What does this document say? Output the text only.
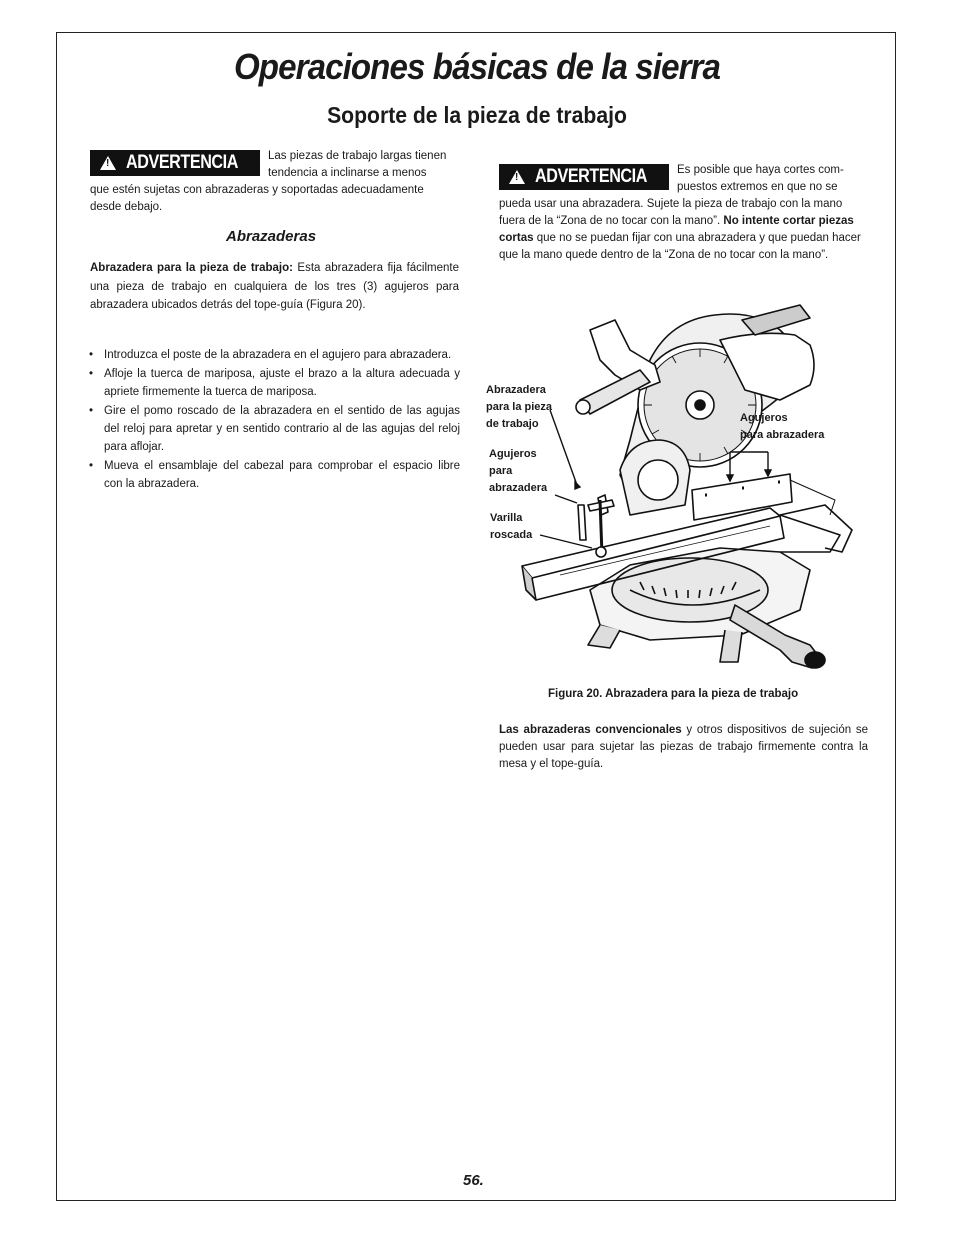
Operaciones básicas de la sierra
Soporte de la pieza de trabajo
!
ADVERTENCIA	Las piezas de trabajo largas tienen

tendencia a inclinarse a menos

que estén sujetas con abrazaderas y soportadas adecuadamente

desde debajo.

Abrazaderas

Abrazadera para la pieza de trabajo: Esta abrazadera fija fácilmente una pieza de trabajo en cualquiera de los tres (3) agujeros para abrazadera ubicados detrás del tope-guía (Figura 20).

• Introduzca el poste de la abrazadera en el agujero para abrazadera.
• Afloje la tuerca de mariposa, ajuste el brazo a la altura adecuada y apriete firmemente la tuerca de mariposa.
• Gire el pomo roscado de la abrazadera en el sentido de las agujas del reloj para apretar y en sentido contrario al de las agujas del reloj para aflojar.
• Mueva el ensamblaje del cabezal para comprobar el espacio libre con la abrazadera.
!
ADVERTENCIA	Es posible que haya cortes com-

puestos extremos en que no se

pueda usar una abrazadera. Sujete la pieza de trabajo con la mano fuera de la “Zona de no tocar con la mano”. No intente cortar piezas cortas que no se puedan fijar con una abrazadera y que puedan hacer que la mano quede dentro de la “Zona de no tocar con la mano”.

Abrazadera

para la pieza

de trabajo

Agujeros

para

abrazadera

Varilla

roscada

Agujeros

para abrazadera

Figura 20. Abrazadera para la pieza de trabajo

Las abrazaderas convencionales y otros dispositivos de sujeción se pueden usar para sujetar las piezas de trabajo firmemente contra la mesa y el tope-guía.

56.
